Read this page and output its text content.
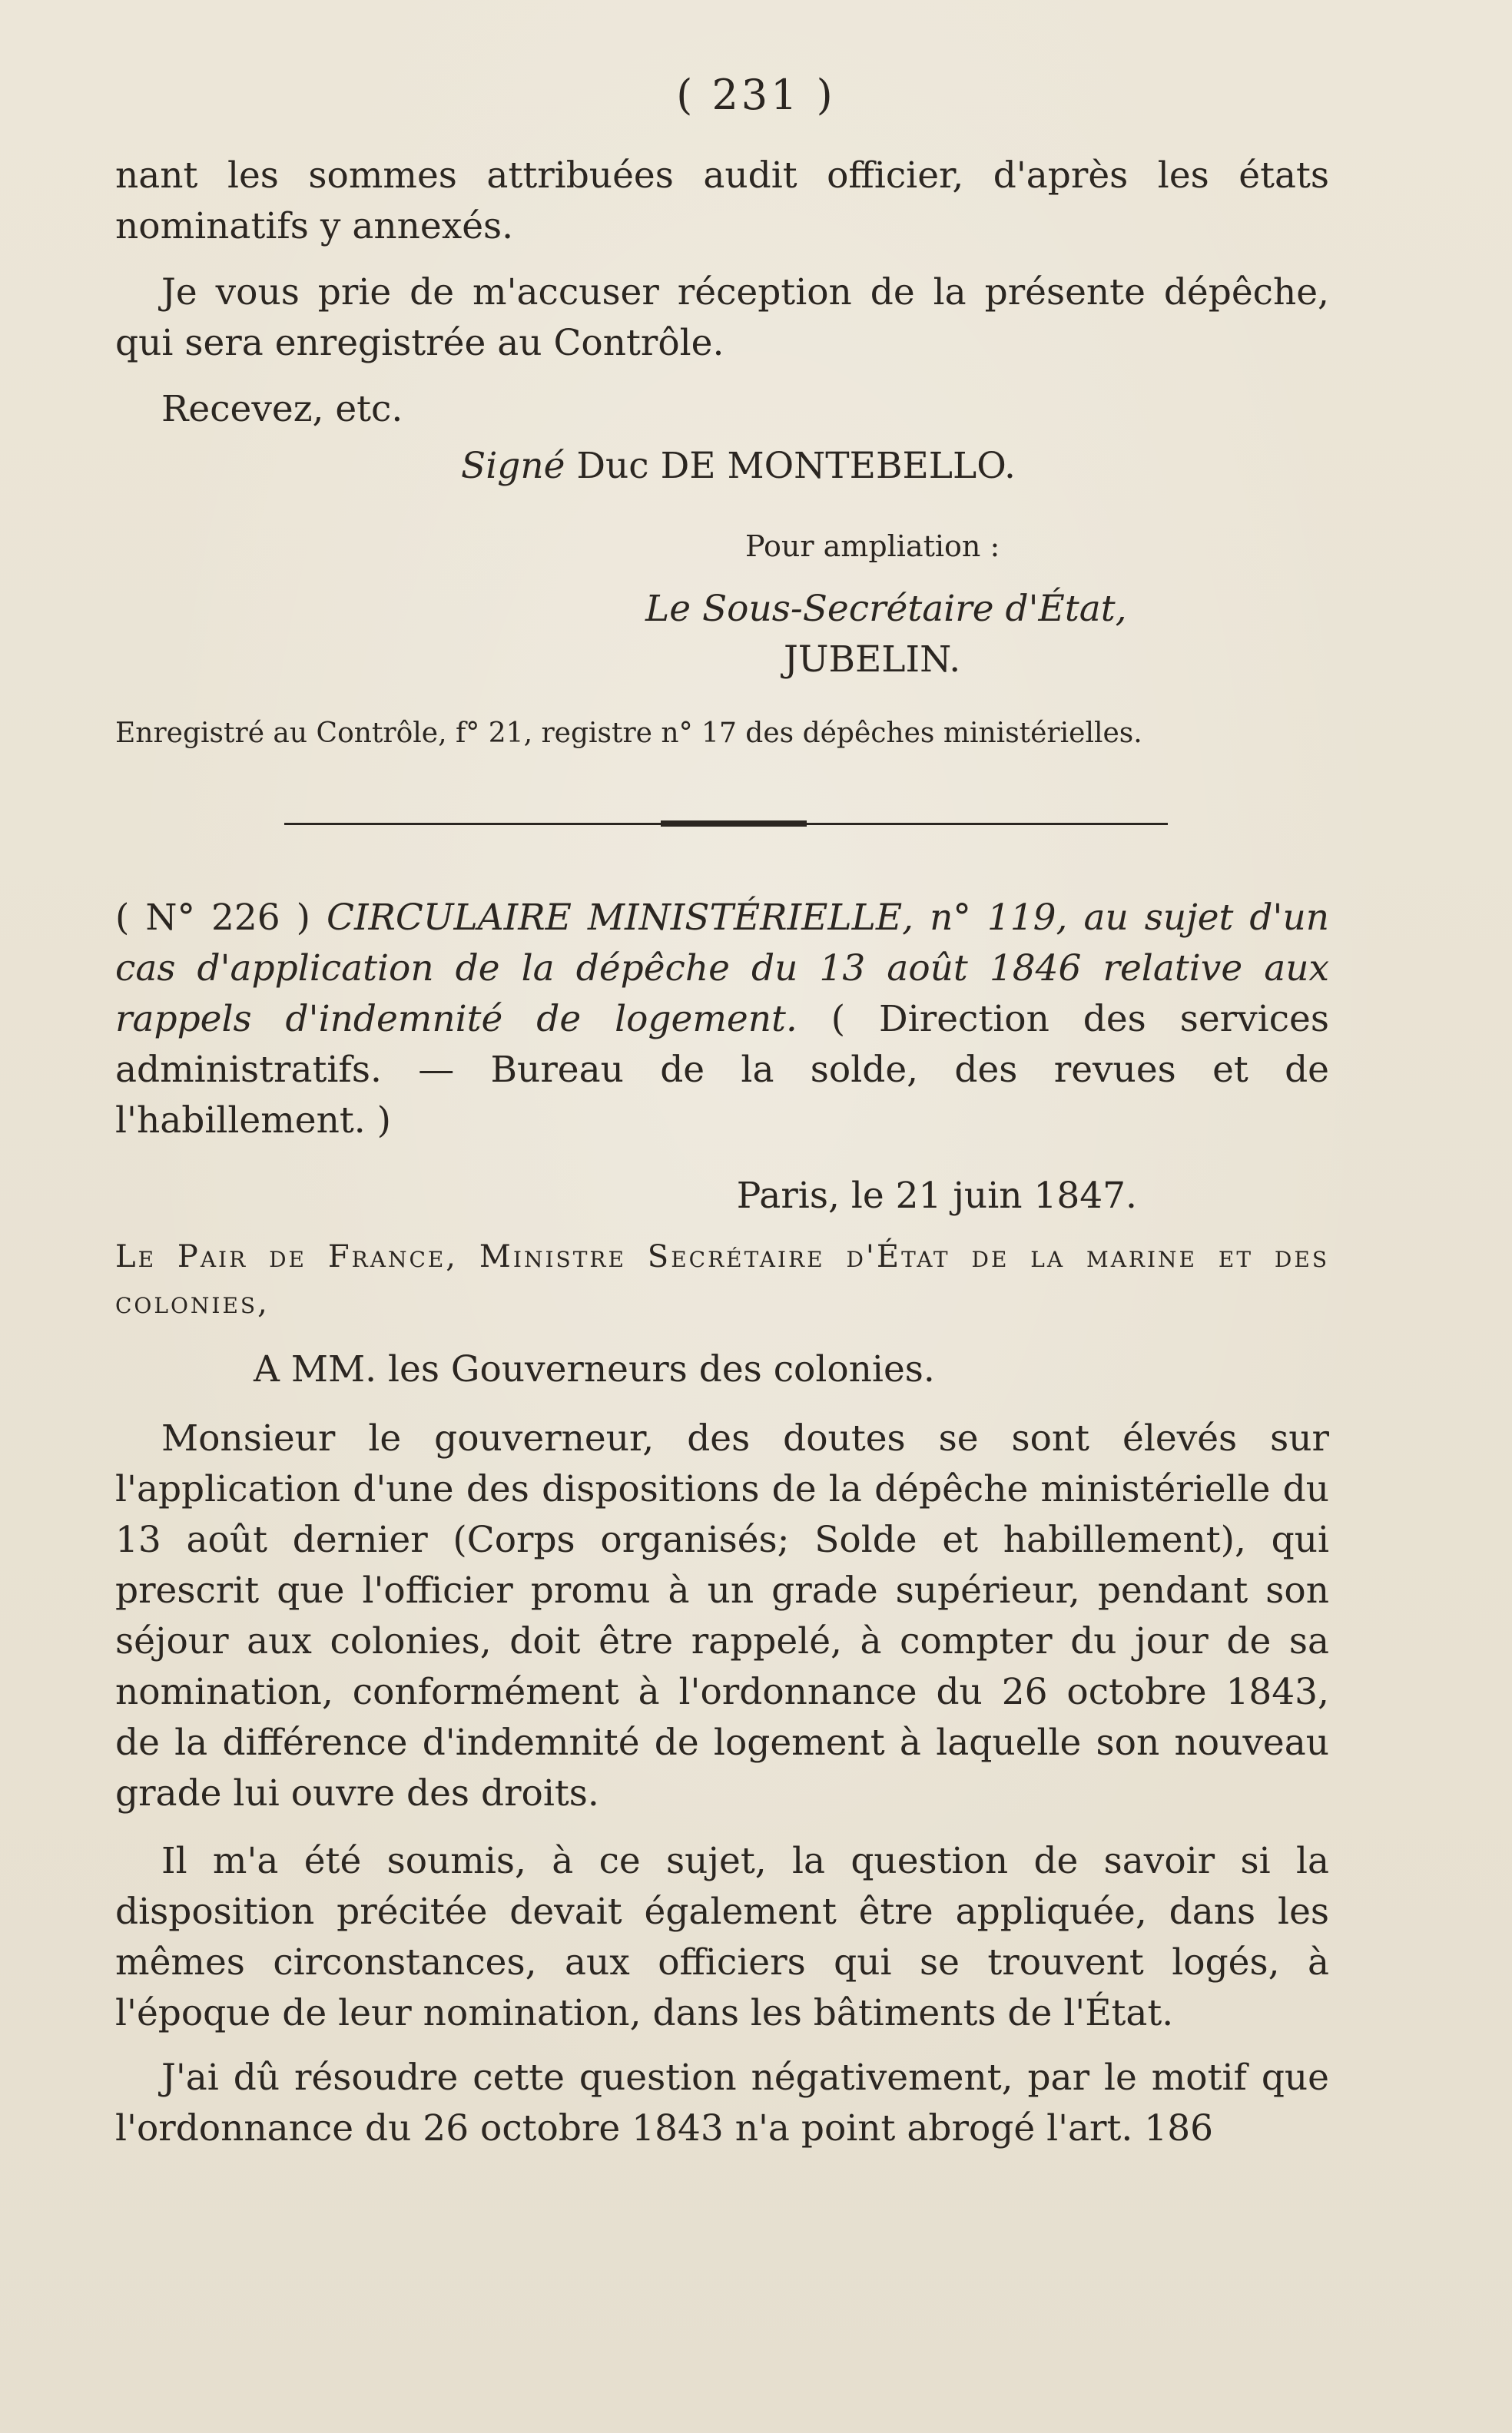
( 231 )
nant les sommes attribuées audit officier, d'après les états nominatifs y annexés.
Je vous prie de m'accuser réception de la présente dépêche, qui sera enregistrée au Contrôle.
Recevez, etc.
Signé Duc DE MONTEBELLO.
Pour ampliation :
Le Sous-Secrétaire d'État,
JUBELIN.
Enregistré au Contrôle, f° 21, registre n° 17 des dépêches ministérielles.
( N° 226 ) CIRCULAIRE MINISTÉRIELLE, n° 119, au sujet d'un cas d'application de la dépêche du 13 août 1846 relative aux rappels d'indemnité de logement. ( Direction des services administratifs. — Bureau de la solde, des revues et de l'habillement. )
Paris, le 21 juin 1847.
Le Pair de France, Ministre Secrétaire d'État de la marine et des colonies,
A MM. les Gouverneurs des colonies.
Monsieur le gouverneur, des doutes se sont élevés sur l'application d'une des dispositions de la dépêche ministérielle du 13 août dernier (Corps organisés; Solde et habillement), qui prescrit que l'officier promu à un grade supérieur, pendant son séjour aux colonies, doit être rappelé, à compter du jour de sa nomination, conformément à l'ordonnance du 26 octobre 1843, de la différence d'indemnité de logement à laquelle son nouveau grade lui ouvre des droits.
Il m'a été soumis, à ce sujet, la question de savoir si la disposition précitée devait également être appliquée, dans les mêmes circonstances, aux officiers qui se trouvent logés, à l'époque de leur nomination, dans les bâtiments de l'État.
J'ai dû résoudre cette question négativement, par le motif que l'ordonnance du 26 octobre 1843 n'a point abrogé l'art. 186
